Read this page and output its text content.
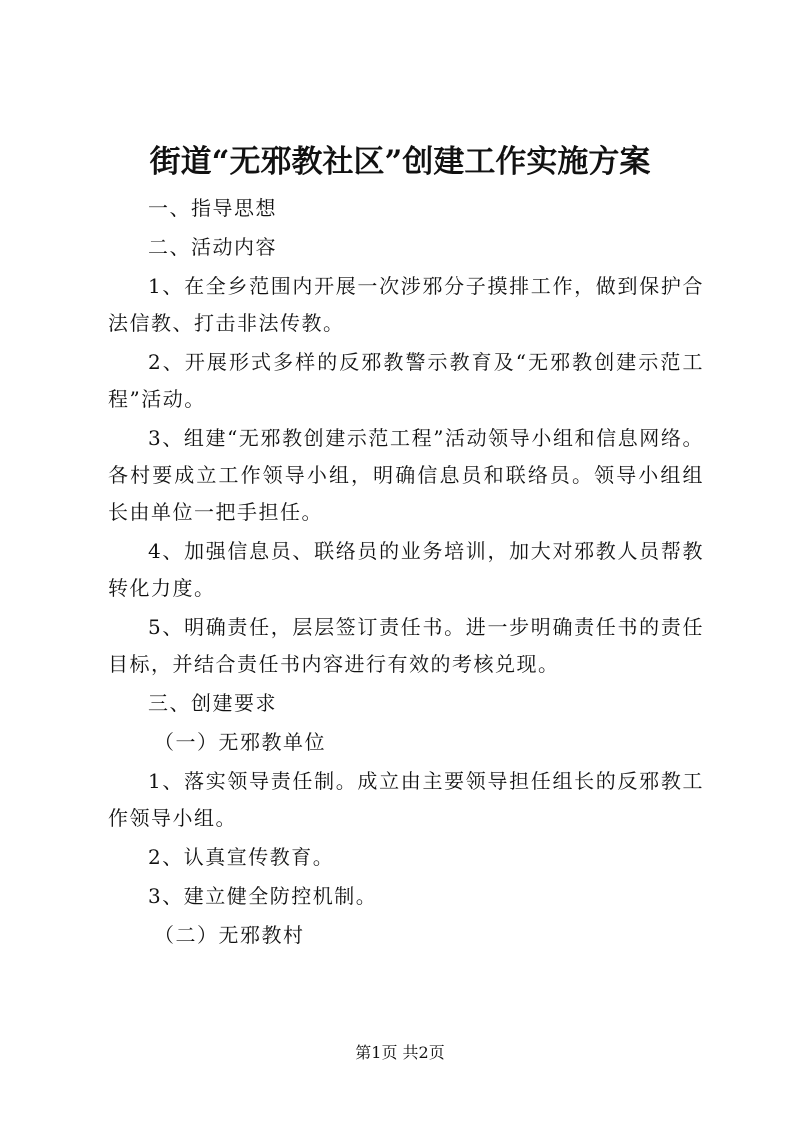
街道“无邪教社区”创建工作实施方案

一、指导思想

二、活动内容

1、在全乡范围内开展一次涉邪分子摸排工作，做到保护合法信教、打击非法传教。

2、开展形式多样的反邪教警示教育及“无邪教创建示范工程”活动。

3、组建“无邪教创建示范工程”活动领导小组和信息网络。各村要成立工作领导小组，明确信息员和联络员。领导小组组长由单位一把手担任。

4、加强信息员、联络员的业务培训，加大对邪教人员帮教转化力度。

5、明确责任，层层签订责任书。进一步明确责任书的责任目标，并结合责任书内容进行有效的考核兑现。

三、创建要求

（一）无邪教单位

1、落实领导责任制。成立由主要领导担任组长的反邪教工作领导小组。

2、认真宣传教育。

3、建立健全防控机制。

（二）无邪教村

第1页 共2页
